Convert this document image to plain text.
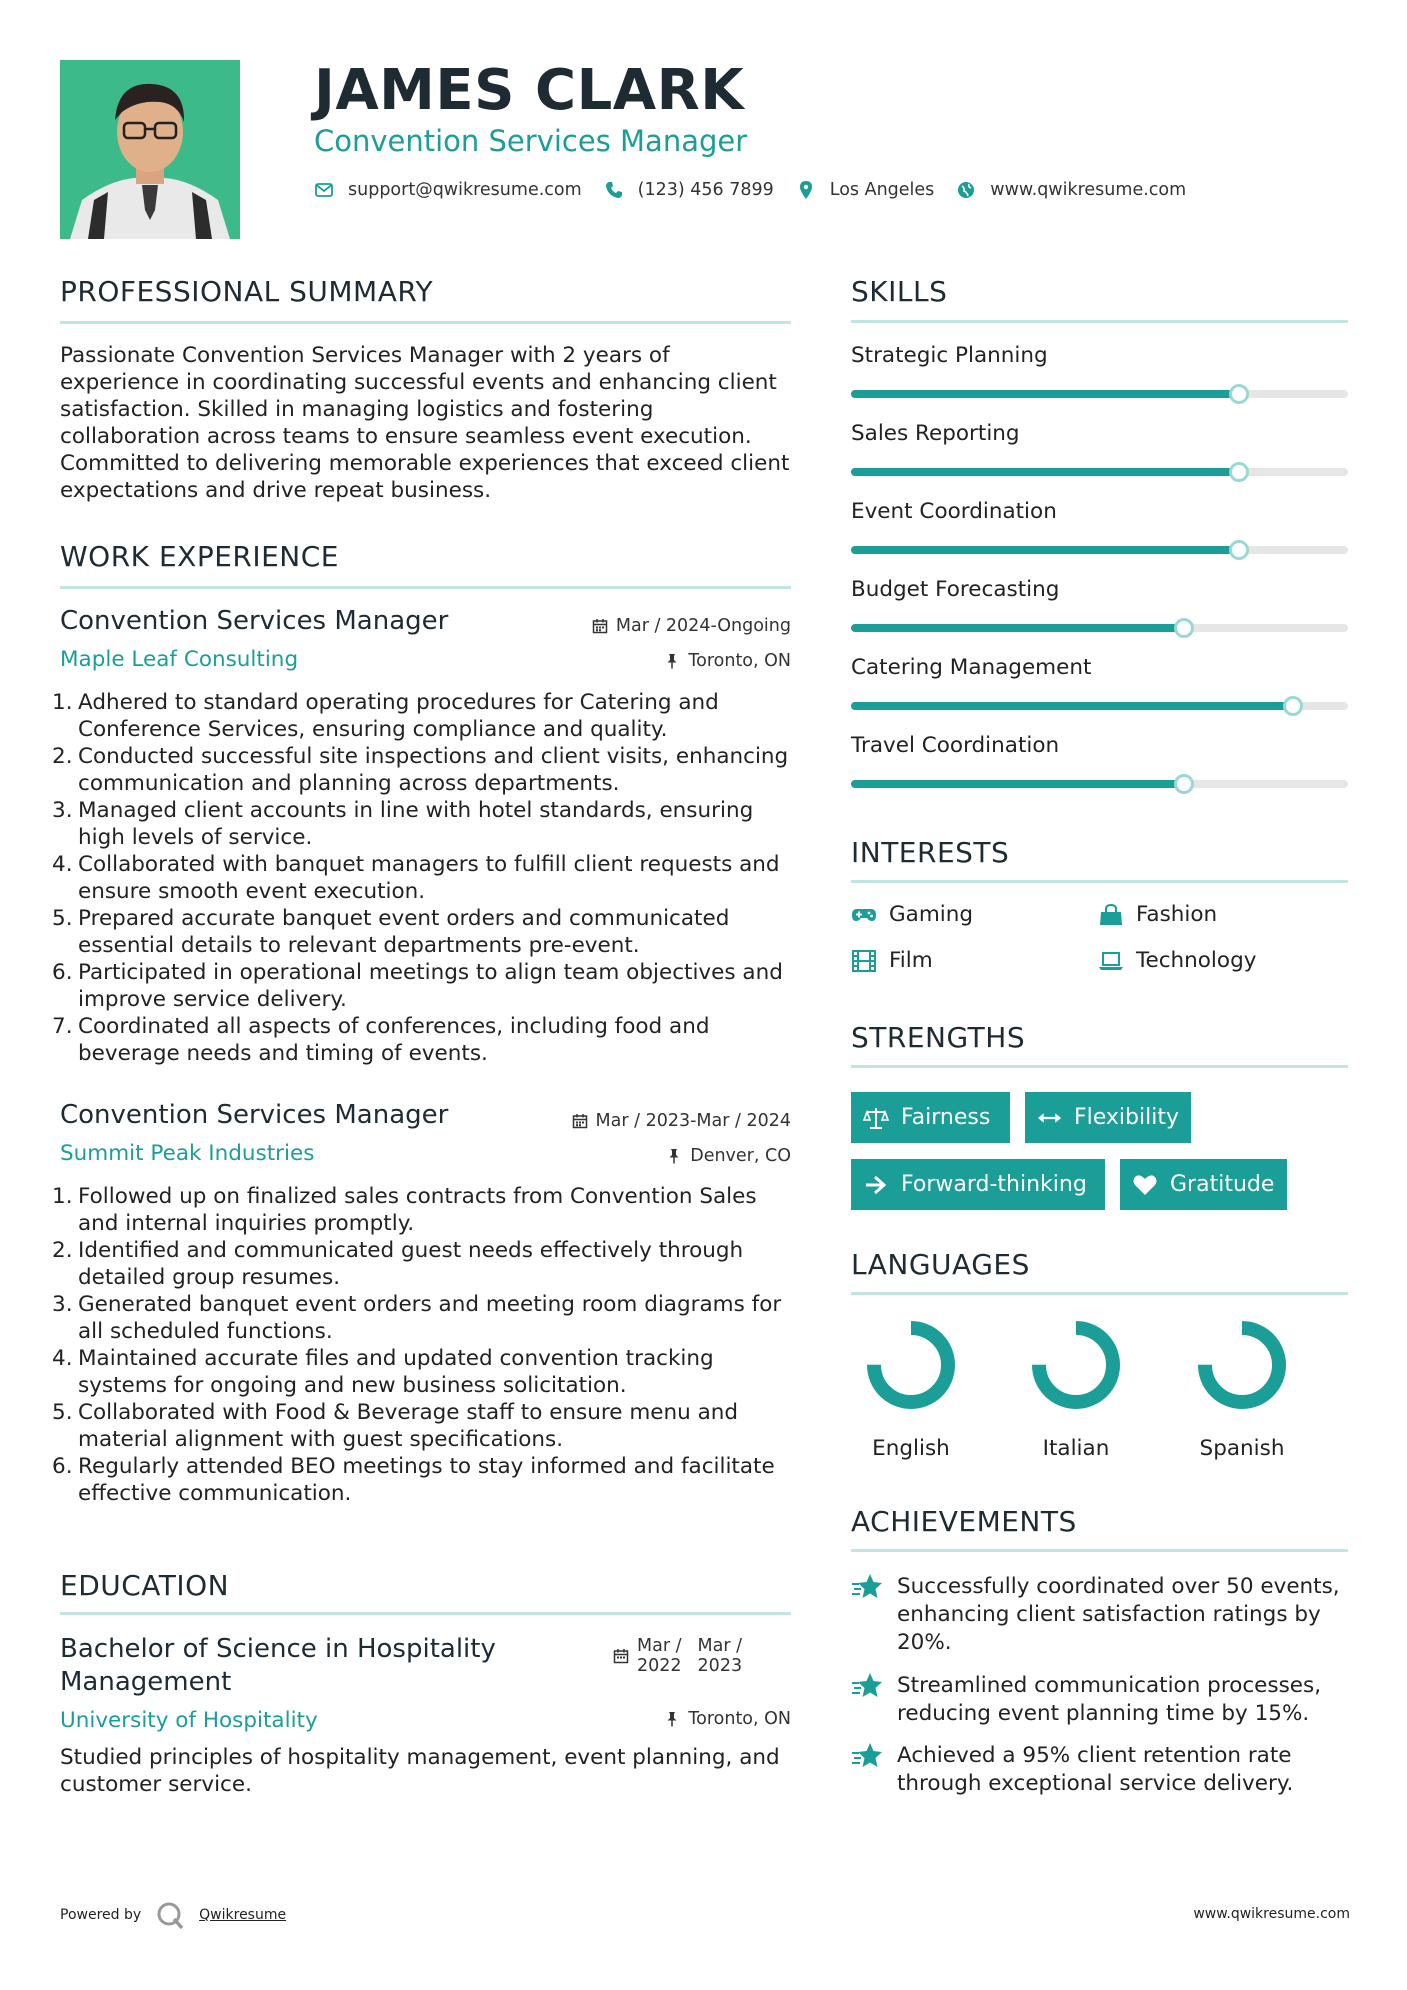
JAMES CLARK
Convention Services Manager
support@qwikresume.com	(123) 456 7899	Los Angeles	www.qwikresume.com
PROFESSIONAL SUMMARY
Passionate Convention Services Manager with 2 years of experience in coordinating successful events and enhancing client satisfaction. Skilled in managing logistics and fostering collaboration across teams to ensure seamless event execution. Committed to delivering memorable experiences that exceed client expectations and drive repeat business.
WORK EXPERIENCE
Convention Services Manager	Mar / 2024-Ongoing
Maple Leaf Consulting	Toronto, ON
Adhered to standard operating procedures for Catering and Conference Services, ensuring compliance and quality.
Conducted successful site inspections and client visits, enhancing communication and planning across departments.
Managed client accounts in line with hotel standards, ensuring high levels of service.
Collaborated with banquet managers to fulfill client requests and ensure smooth event execution.
Prepared accurate banquet event orders and communicated essential details to relevant departments pre-event.
Participated in operational meetings to align team objectives and improve service delivery.
Coordinated all aspects of conferences, including food and beverage needs and timing of events.
Convention Services Manager	Mar / 2023-Mar / 2024
Summit Peak Industries	Denver, CO
Followed up on finalized sales contracts from Convention Sales and internal inquiries promptly.
Identified and communicated guest needs effectively through detailed group resumes.
Generated banquet event orders and meeting room diagrams for all scheduled functions.
Maintained accurate files and updated convention tracking systems for ongoing and new business solicitation.
Collaborated with Food & Beverage staff to ensure menu and material alignment with guest specifications.
Regularly attended BEO meetings to stay informed and facilitate effective communication.
EDUCATION
Bachelor of Science in Hospitality
Management
Mar /
2022
Mar /
2023
University of Hospitality	Toronto, ON
Studied principles of hospitality management, event planning, and customer service.
SKILLS
Strategic Planning
Sales Reporting
Event Coordination
Budget Forecasting
Catering Management
Travel Coordination
INTERESTS
Gaming	Fashion
Film	Technology
STRENGTHS
Fairness	Flexibility
Forward-thinking	Gratitude
LANGUAGES
English	Italian	Spanish
ACHIEVEMENTS
Successfully coordinated over 50 events, enhancing client satisfaction ratings by 20%.
Streamlined communication processes, reducing event planning time by 15%.
Achieved a 95% client retention rate through exceptional service delivery.
Powered by	Qwikresume	www.qwikresume.com
